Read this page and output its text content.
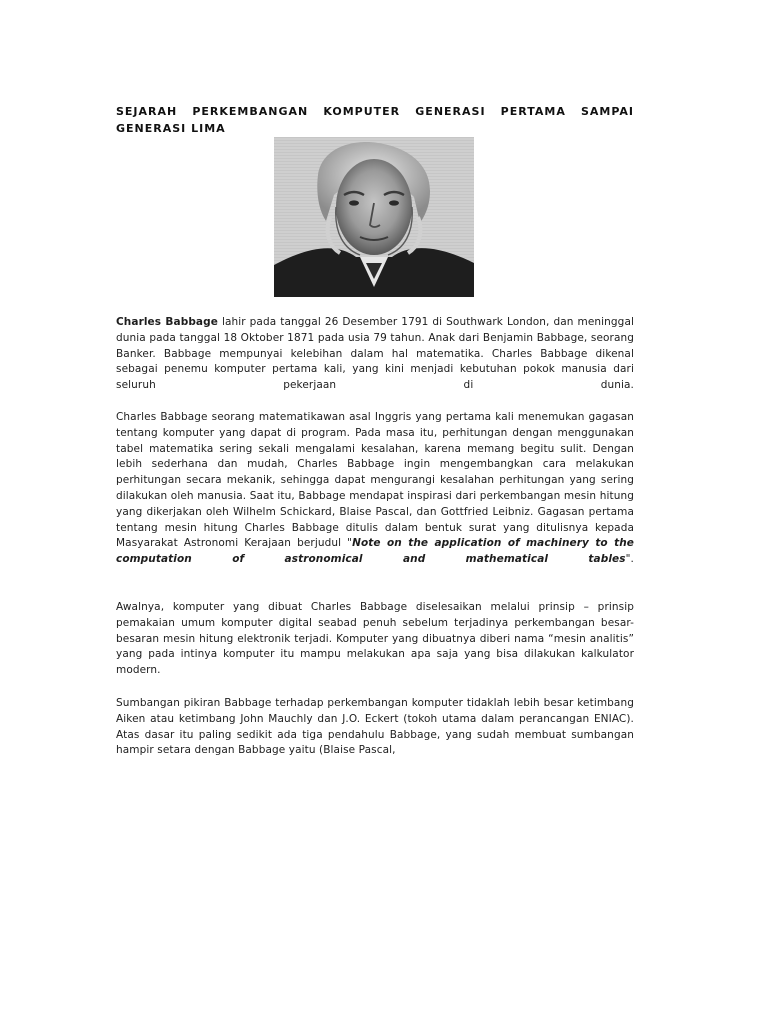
SEJARAH PERKEMBANGAN KOMPUTER GENERASI PERTAMA SAMPAI GENERASI LIMA

Charles Babbage lahir pada tanggal 26 Desember 1791 di Southwark London, dan meninggal dunia pada tanggal 18 Oktober 1871 pada usia 79 tahun. Anak dari Benjamin Babbage, seorang Banker. Babbage mempunyai kelebihan dalam hal matematika. Charles Babbage dikenal sebagai penemu komputer pertama kali, yang kini menjadi kebutuhan pokok manusia dari seluruh pekerjaan di dunia.

Charles Babbage seorang matematikawan asal Inggris yang pertama kali menemukan gagasan tentang komputer yang dapat di program. Pada masa itu, perhitungan dengan menggunakan tabel matematika sering sekali mengalami kesalahan, karena memang begitu sulit. Dengan lebih sederhana dan mudah, Charles Babbage ingin mengembangkan cara melakukan perhitungan secara mekanik, sehingga dapat mengurangi kesalahan perhitungan yang sering dilakukan oleh manusia. Saat itu, Babbage mendapat inspirasi dari perkembangan mesin hitung yang dikerjakan oleh Wilhelm Schickard, Blaise Pascal, dan Gottfried Leibniz. Gagasan pertama tentang mesin hitung Charles Babbage ditulis dalam bentuk surat yang ditulisnya kepada Masyarakat Astronomi Kerajaan berjudul "Note on the application of machinery to the computation of astronomical and mathematical tables".

Awalnya, komputer yang dibuat Charles Babbage diselesaikan melalui prinsip – prinsip pemakaian umum komputer digital seabad penuh sebelum terjadinya perkembangan besar-besaran mesin hitung elektronik terjadi. Komputer yang dibuatnya diberi nama “mesin analitis” yang pada intinya komputer itu mampu melakukan apa saja yang bisa dilakukan kalkulator modern.

Sumbangan pikiran Babbage terhadap perkembangan komputer tidaklah lebih besar ketimbang Aiken atau ketimbang John Mauchly dan J.O. Eckert (tokoh utama dalam perancangan ENIAC). Atas dasar itu paling sedikit ada tiga pendahulu Babbage, yang sudah membuat sumbangan hampir setara dengan Babbage yaitu (Blaise Pascal,
